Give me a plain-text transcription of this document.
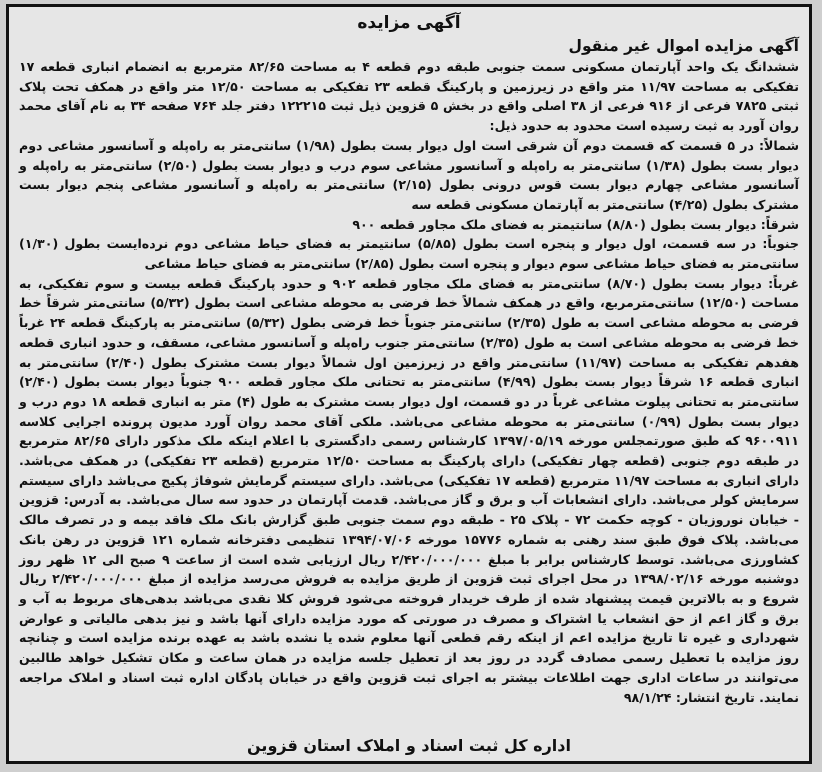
آگهی مزایده
آگهی مزایده اموال غیر منقول

ششدانگ یک واحد آپارتمان مسکونی سمت جنوبی طبقه دوم قطعه ۴ به مساحت ۸۲/۶۵ مترمربع به انضمام انباری قطعه ۱۷ تفکیکی به مساحت ۱۱/۹۷ متر واقع در زیرزمین و پارکینگ قطعه ۲۳ تفکیکی به مساحت ۱۲/۵۰ متر واقع در همکف تحت پلاک ثبتی ۷۸۲۵ فرعی از ۹۱۶ فرعی از ۳۸ اصلی واقع در بخش ۵ قزوین ذیل ثبت ۱۲۲۲۱۵ دفتر جلد ۷۶۴ صفحه ۳۴ به نام آقای محمد روان آورد به ثبت رسیده است محدود به حدود ذیل:

شمالاً: در ۵ قسمت که قسمت دوم آن شرقی است اول دیوار بست بطول (۱/۹۸) سانتی‌متر به راه‌پله و آسانسور مشاعی دوم دیوار بست بطول (۱/۳۸) سانتی‌متر به راه‌پله و آسانسور مشاعی سوم درب و دیوار بست بطول (۲/۵۰) سانتی‌متر به راه‌پله و آسانسور مشاعی چهارم دیوار بست قوس درونی بطول (۲/۱۵) سانتی‌متر به راه‌پله و آسانسور مشاعی پنجم دیوار بست مشترک بطول (۴/۲۵) سانتی‌متر به آپارتمان مسکونی قطعه سه

شرقاً: دیوار بست بطول (۸/۸۰) سانتیمتر به فضای ملک مجاور قطعه ۹۰۰

جنوباً: در سه قسمت، اول دیوار و پنجره است بطول (۵/۸۵) سانتیمتر به فضای حیاط مشاعی دوم نرده‌ایست بطول (۱/۳۰) سانتی‌متر به فضای حیاط مشاعی سوم دیوار و پنجره است بطول (۲/۸۵) سانتی‌متر به فضای حیاط مشاعی

غرباً: دیوار بست بطول (۸/۷۰) سانتی‌متر به فضای ملک مجاور قطعه ۹۰۲ و حدود پارکینگ قطعه بیست و سوم تفکیکی، به مساحت (۱۲/۵۰) سانتی‌مترمربع، واقع در همکف شمالاً خط فرضی به محوطه مشاعی است بطول (۵/۳۲) سانتی‌متر شرقاً خط فرضی به محوطه مشاعی است به طول (۲/۳۵) سانتی‌متر جنوباً خط فرضی بطول (۵/۳۲) سانتی‌متر به پارکینگ قطعه ۲۴ غرباً خط فرضی به محوطه مشاعی است به طول (۲/۳۵) سانتی‌متر جنوب راه‌پله و آسانسور مشاعی، مسقف، و حدود انباری قطعه هفدهم تفکیکی به مساحت (۱۱/۹۷) سانتی‌متر واقع در زیرزمین اول شمالاً دیوار بست مشترک بطول (۲/۴۰) سانتی‌متر به انباری قطعه ۱۶ شرقاً دیوار بست بطول (۴/۹۹) سانتی‌متر به تحتانی ملک مجاور قطعه ۹۰۰ جنوباً دیوار بست بطول (۲/۴۰) سانتی‌متر به تحتانی پیلوت مشاعی غرباً در دو قسمت، اول دیوار بست مشترک به طول (۴) متر به انباری قطعه ۱۸ دوم درب و دیوار بست بطول (۰/۹۹) سانتی‌متر به محوطه مشاعی می‌باشد. ملکی آقای محمد روان آورد مدیون پرونده اجرایی کلاسه ۹۶۰۰۹۱۱ که طبق صورتمجلس مورخه ۱۳۹۷/۰۵/۱۹ کارشناس رسمی دادگستری با اعلام اینکه ملک مذکور دارای ۸۲/۶۵ مترمربع در طبقه دوم جنوبی (قطعه چهار تفکیکی) دارای پارکینگ به مساحت ۱۲/۵۰ مترمربع (قطعه ۲۳ تفکیکی) در همکف می‌باشد. دارای انباری به مساحت ۱۱/۹۷ مترمربع (قطعه ۱۷ تفکیکی) می‌باشد. دارای سیستم گرمایش شوفاژ پکیج می‌باشد دارای سیستم سرمایش کولر می‌باشد. دارای انشعابات آب و برق و گاز می‌باشد. قدمت آپارتمان در حدود سه سال می‌باشد. به آدرس: قزوین - خیابان نوروزیان - کوچه حکمت ۷۲ - پلاک ۲۵ - طبقه دوم سمت جنوبی طبق گزارش بانک ملک فاقد بیمه و در تصرف مالک می‌باشد. پلاک فوق طبق سند رهنی به شماره ۱۵۷۷۶ مورخه ۱۳۹۴/۰۷/۰۶ تنظیمی دفترخانه شماره ۱۲۱ قزوین در رهن بانک کشاورزی می‌باشد. توسط کارشناس برابر با مبلغ ۲/۴۲۰/۰۰۰/۰۰۰ ریال ارزیابی شده است از ساعت ۹ صبح الی ۱۲ ظهر روز دوشنبه مورخه ۱۳۹۸/۰۲/۱۶ در محل اجرای ثبت قزوین از طریق مزایده به فروش می‌رسد مزایده از مبلغ ۲/۴۲۰/۰۰۰/۰۰۰ ریال شروع و به بالاترین قیمت پیشنهاد شده از طرف خریدار فروخته می‌شود فروش کلا نقدی می‌باشد بدهی‌های مربوط به آب و برق و گاز اعم از حق انشعاب یا اشتراک و مصرف در صورتی که مورد مزایده دارای آنها باشد و نیز بدهی مالیاتی و عوارض شهرداری و غیره تا تاریخ مزایده اعم از اینکه رقم قطعی آنها معلوم شده یا نشده باشد به عهده برنده مزایده است و چنانچه روز مزایده با تعطیل رسمی مصادف گردد در روز بعد از تعطیل جلسه مزایده در همان ساعت و مکان تشکیل خواهد طالبین می‌توانند در ساعات اداری جهت اطلاعات بیشتر به اجرای ثبت قزوین واقع در خیابان پادگان اداره ثبت اسناد و املاک مراجعه نمایند. تاریخ انتشار: ۹۸/۱/۲۴

اداره کل ثبت اسناد و املاک استان قزوین
